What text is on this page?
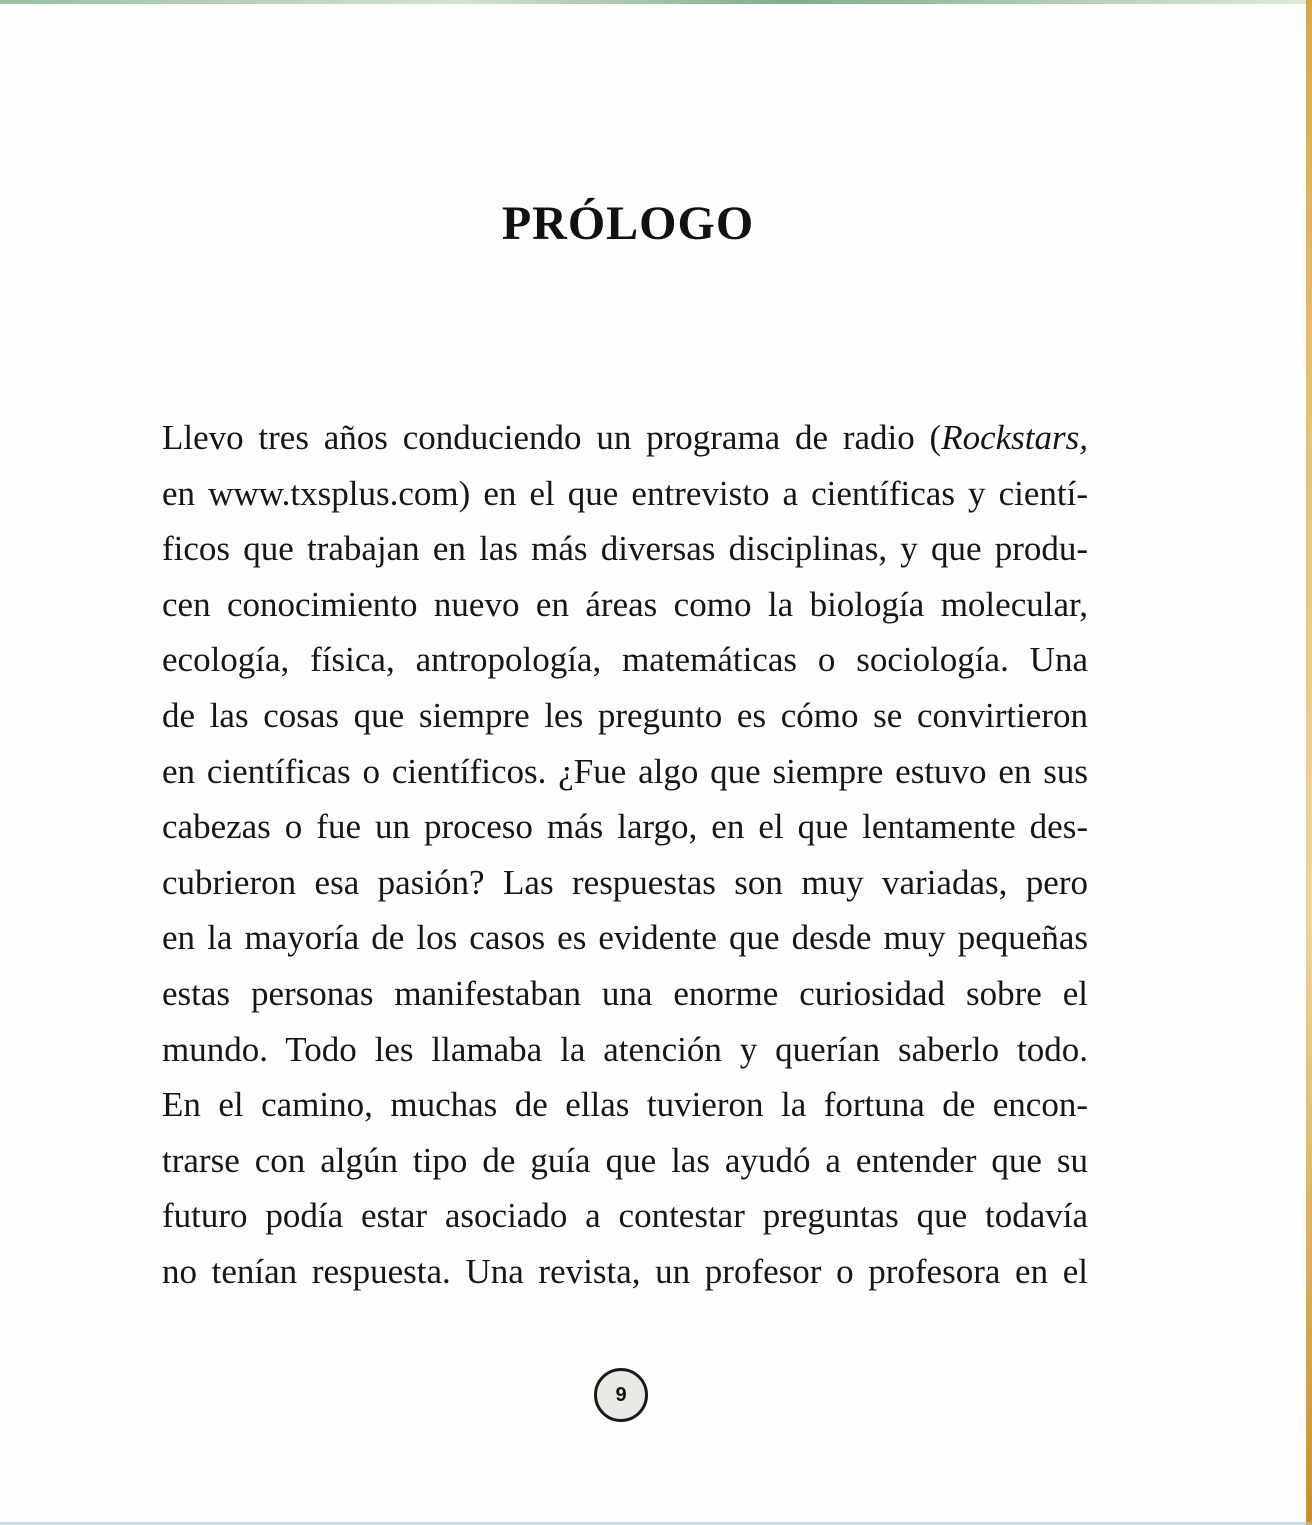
PRÓLOGO

Llevo tres años conduciendo un programa de radio (Rockstars,
en www.txsplus.com) en el que entrevisto a científicas y cientí-
ficos que trabajan en las más diversas disciplinas, y que produ-
cen conocimiento nuevo en áreas como la biología molecular,
ecología, física, antropología, matemáticas o sociología. Una
de las cosas que siempre les pregunto es cómo se convirtieron
en científicas o científicos. ¿Fue algo que siempre estuvo en sus
cabezas o fue un proceso más largo, en el que lentamente des-
cubrieron esa pasión? Las respuestas son muy variadas, pero
en la mayoría de los casos es evidente que desde muy pequeñas
estas personas manifestaban una enorme curiosidad sobre el
mundo. Todo les llamaba la atención y querían saberlo todo.
En el camino, muchas de ellas tuvieron la fortuna de encon-
trarse con algún tipo de guía que las ayudó a entender que su
futuro podía estar asociado a contestar preguntas que todavía
no tenían respuesta. Una revista, un profesor o profesora en el

9
